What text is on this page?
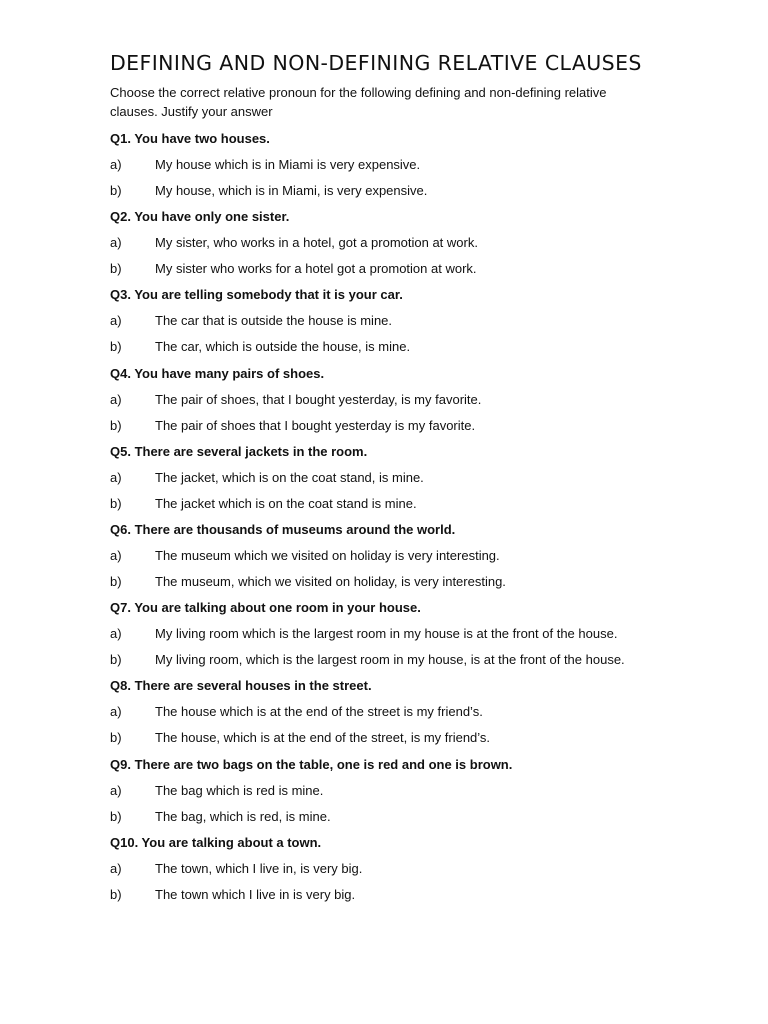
DEFINING AND NON-DEFINING RELATIVE CLAUSES
Choose the correct relative pronoun for the following defining and non-defining relative clauses. Justify your answer
Q1. You have two houses.
a)	My house which is in Miami is very expensive.
b)	My house, which is in Miami, is very expensive.
Q2. You have only one sister.
a)	My sister, who works in a hotel, got a promotion at work.
b)	My sister who works for a hotel got a promotion at work.
Q3. You are telling somebody that it is your car.
a)	The car that is outside the house is mine.
b)	The car, which is outside the house, is mine.
Q4. You have many pairs of shoes.
a)	The pair of shoes, that I bought yesterday, is my favorite.
b)	The pair of shoes that I bought yesterday is my favorite.
Q5. There are several jackets in the room.
a)	The jacket, which is on the coat stand, is mine.
b)	The jacket which is on the coat stand is mine.
Q6. There are thousands of museums around the world.
a)	The museum which we visited on holiday is very interesting.
b)	The museum, which we visited on holiday, is very interesting.
Q7. You are talking about one room in your house.
a)	My living room which is the largest room in my house is at the front of the house.
b)	My living room, which is the largest room in my house, is at the front of the house.
Q8. There are several houses in the street.
a)	The house which is at the end of the street is my friend’s.
b)	The house, which is at the end of the street, is my friend’s.
Q9. There are two bags on the table, one is red and one is brown.
a)	The bag which is red is mine.
b)	The bag, which is red, is mine.
Q10. You are talking about a town.
a)	The town, which I live in, is very big.
b)	The town which I live in is very big.
